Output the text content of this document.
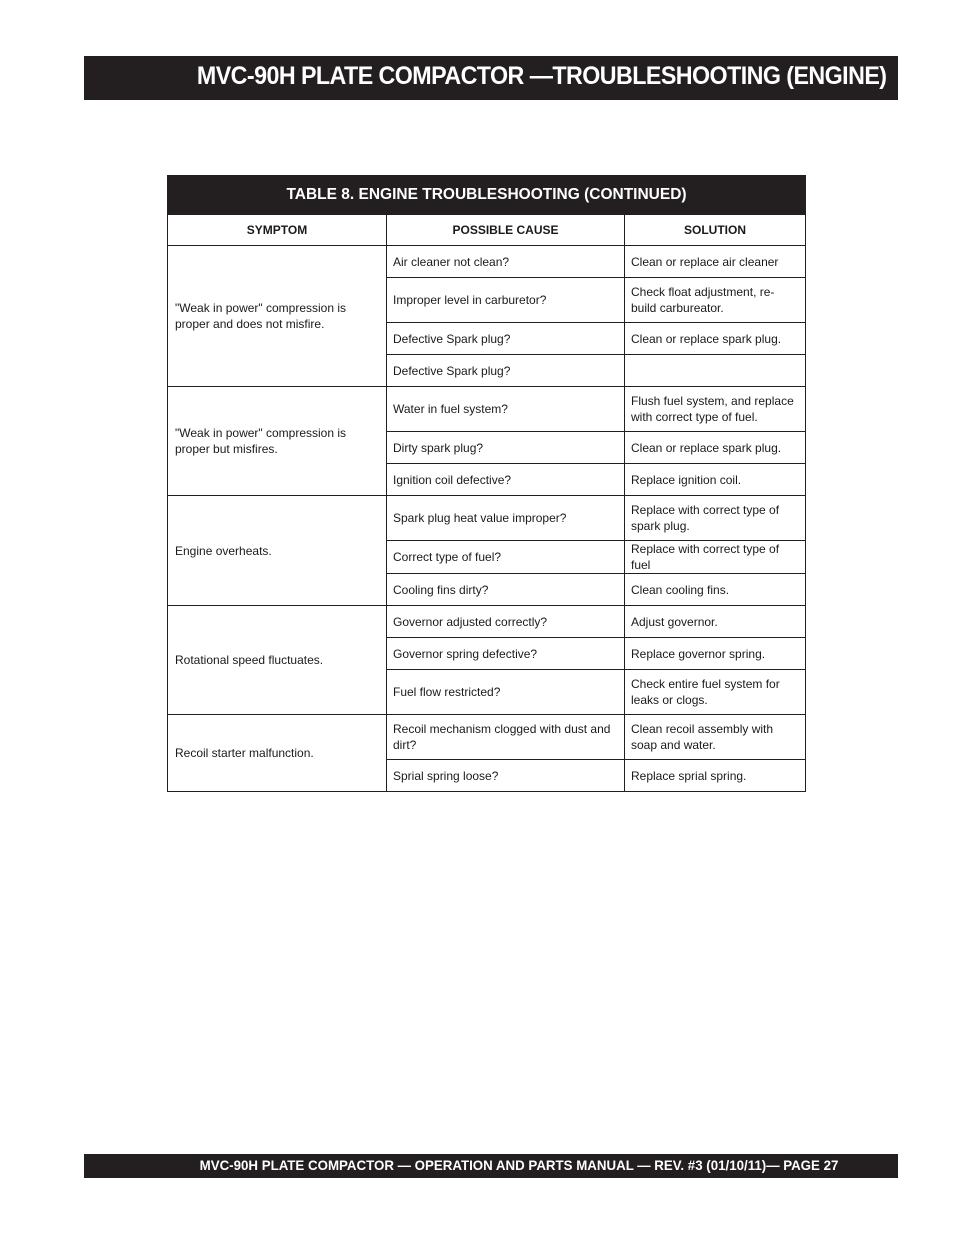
MVC-90H PLATE COMPACTOR —TROUBLESHOOTING (ENGINE)
TABLE 8. ENGINE TROUBLESHOOTING (CONTINUED)		
SYMPTOM	POSSIBLE CAUSE	SOLUTION
"Weak in power" compression is proper and does not misfire.	Air cleaner not clean?	Clean or replace air cleaner
	Improper level in carburetor?	Check float adjustment, re-build carbureator.
	Defective Spark plug?	Clean or replace spark plug.
	Defective Spark plug?	
"Weak in power" compression is proper but misfires.	Water in fuel system?	Flush fuel system, and replace with correct type of fuel.
	Dirty spark plug?	Clean or replace spark plug.
	Ignition coil defective?	Replace ignition coil.
Engine overheats.	Spark plug heat value improper?	Replace with correct type of spark plug.
	Correct type of fuel?	Replace with correct type of fuel
	Cooling fins dirty?	Clean cooling fins.
Rotational speed fluctuates.	Governor adjusted correctly?	Adjust governor.
	Governor spring defective?	Replace governor spring.
	Fuel flow restricted?	Check entire fuel system for leaks or clogs.
Recoil starter malfunction.	Recoil mechanism clogged with dust and dirt?	Clean recoil assembly with soap and water.
	Sprial spring loose?	Replace sprial spring.
MVC-90H PLATE COMPACTOR — OPERATION AND PARTS MANUAL — REV. #3 (01/10/11)— PAGE 27
